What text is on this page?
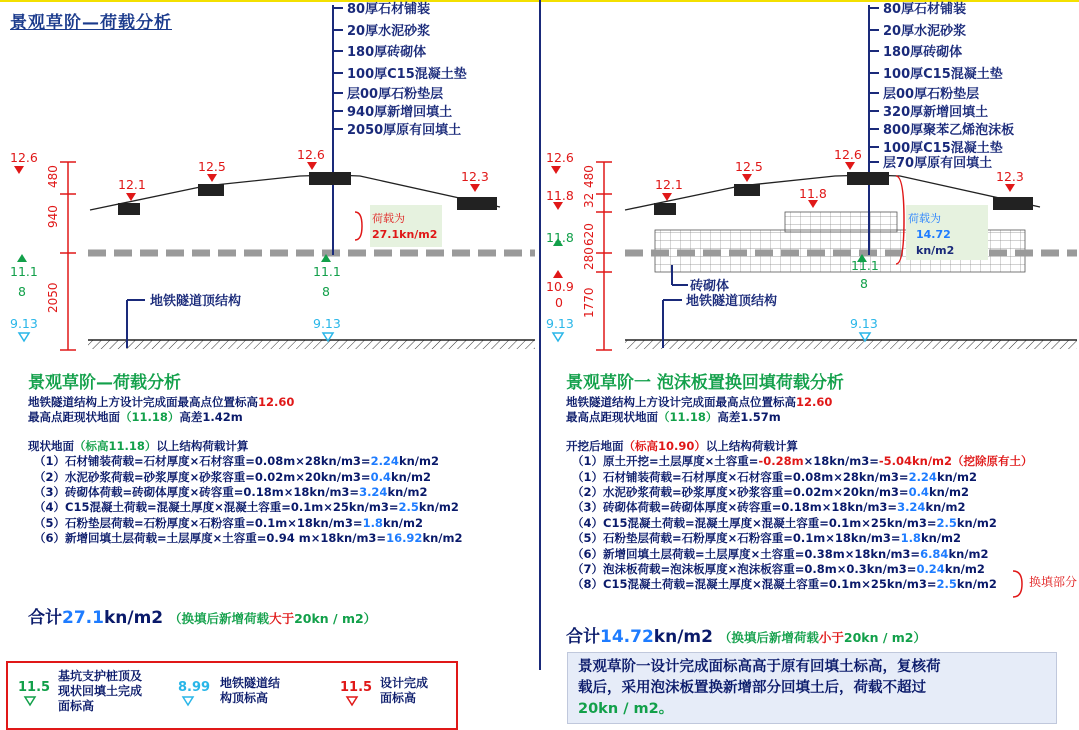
80厚石材铺装
20厚水泥砂浆
180厚砖砌体
100厚C15混凝土垫
层00厚石粉垫层
940厚新增回填土
2050厚原有回填土
80厚石材铺装
20厚水泥砂浆
180厚砖砌体
100厚C15混凝土垫
层00厚石粉垫层
320厚新增回填土
800厚聚苯乙烯泡沫板
100厚C15混凝土垫
层70厚原有回填土
480
940
2050
480
32
620
280
1770
12.6
12.1
12.5
12.6
12.3
11.1
8
9.13
11.1
8
9.13
荷载为
27.1kn/m2
地铁隧道顶结构
12.6
11.8
11.8
10.9
0
9.13
12.1
12.5
11.8
12.6
12.3
11.1
8
9.13
荷载为
14.72
kn/m2
砖砌体
地铁隧道顶结构
景观草阶—荷载分析
景观草阶—荷载分析
地铁隧道结构上方设计完成面最高点位置标高12.60
最高点距现状地面（11.18）高差1.42m
现状地面（标高11.18）以上结构荷载计算
（1）石材铺装荷载=石材厚度×石材容重=0.08m×28kn/m3=2.24kn/m2
（2）水泥砂浆荷载=砂浆厚度×砂浆容重=0.02m×20kn/m3=0.4kn/m2
（3）砖砌体荷载=砖砌体厚度×砖容重=0.18m×18kn/m3=3.24kn/m2
（4）C15混凝土荷载=混凝土厚度×混凝土容重=0.1m×25kn/m3=2.5kn/m2
（5）石粉垫层荷载=石粉厚度×石粉容重=0.1m×18kn/m3=1.8kn/m2
（6）新增回填土层荷载=土层厚度×土容重=0.94 m×18kn/m3=16.92kn/m2
合计27.1kn/m2 （换填后新增荷载大于20kn / m2）
景观草阶一 泡沫板置换回填荷载分析
地铁隧道结构上方设计完成面最高点位置标高12.60
最高点距现状地面（11.18）高差1.57m
开挖后地面（标高10.90）以上结构荷载计算
（1）原土开挖=土层厚度×土容重=-0.28m×18kn/m3=-5.04kn/m2（挖除原有土）
（1）石材铺装荷载=石材厚度×石材容重=0.08m×28kn/m3=2.24kn/m2
（2）水泥砂浆荷载=砂浆厚度×砂浆容重=0.02m×20kn/m3=0.4kn/m2
（3）砖砌体荷载=砖砌体厚度×砖容重=0.18m×18kn/m3=3.24kn/m2
（4）C15混凝土荷载=混凝土厚度×混凝土容重=0.1m×25kn/m3=2.5kn/m2
（5）石粉垫层荷载=石粉厚度×石粉容重=0.1m×18kn/m3=1.8kn/m2
（6）新增回填土层荷载=土层厚度×土容重=0.38m×18kn/m3=6.84kn/m2
（7）泡沫板荷载=泡沫板厚度×泡沫板容重=0.8m×0.3kn/m3=0.24kn/m2
（8）C15混凝土荷载=混凝土厚度×混凝土容重=0.1m×25kn/m3=2.5kn/m2	换填部分
合计14.72kn/m2 （换填后新增荷载小于20kn / m2）
11.5
基坑支护桩顶及
现状回填土完成
面标高
8.99 地铁隧道结
构顶标高
11.5 设计完成
面标高
景观草阶一设计完成面标高高于原有回填土标高，复核荷
载后，采用泡沫板置换新增部分回填土后，荷载不超过
20kn / m2。
